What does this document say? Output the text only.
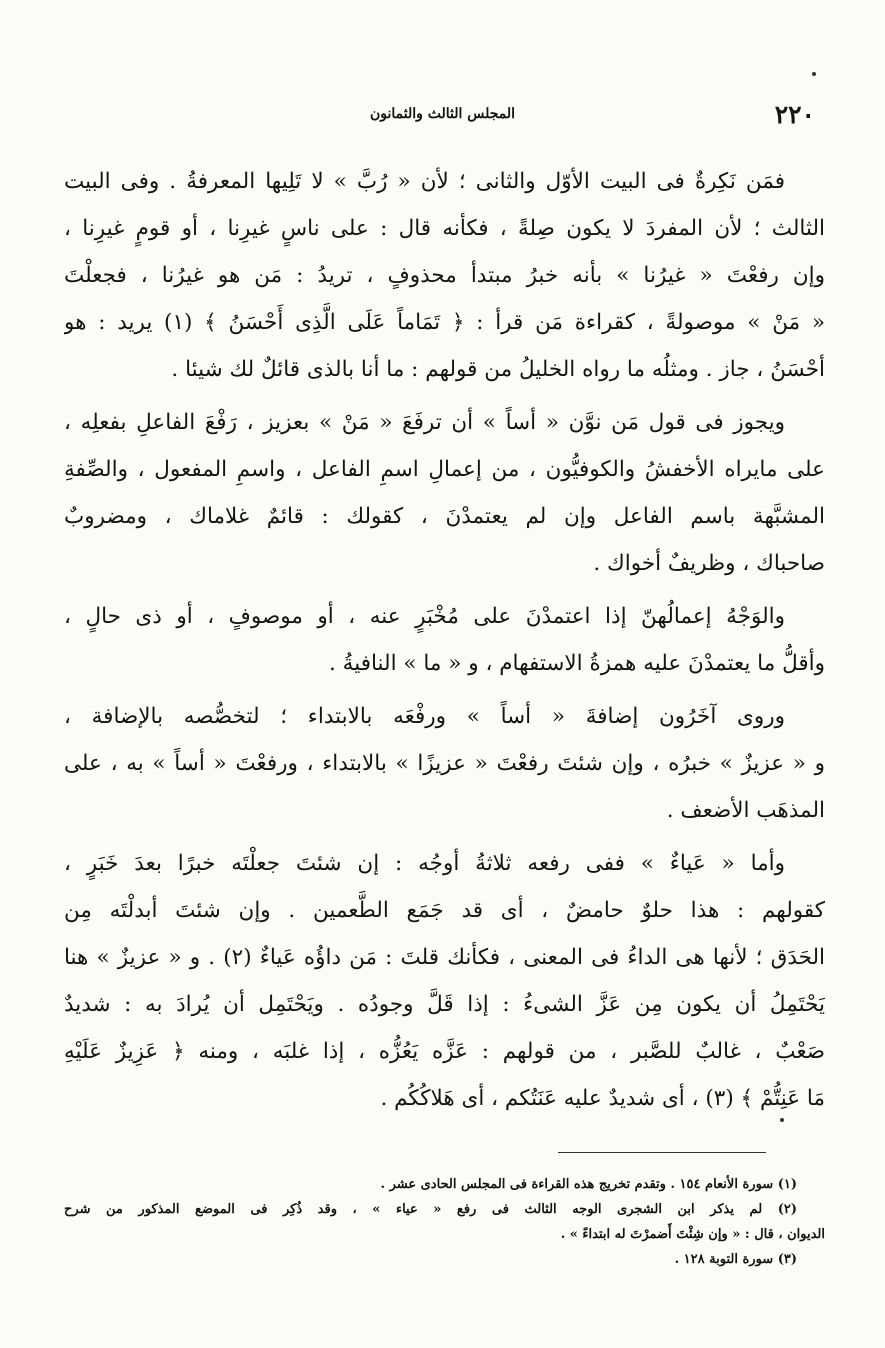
٢٢٠
المجلس الثالث والثمانون
فمَن نَكِرةٌ فى البيت الأوّل والثانى ؛ لأن « رُبَّ » لا تَلِيها المعرفةُ . وفى البيت
الثالث ؛ لأن المفردَ لا يكون صِلةً ، فكأنه قال : على ناسٍ غيرِنا ، أو قومٍ غيرِنا ،
وإن رفعْتَ « غيرُنا » بأنه خبرُ مبتدأ محذوفٍ ، تريدُ : مَن هو غيرُنا ، فجعلْتَ
« مَنْ » موصولةً ، كقراءة مَن قرأ : ﴿ تَمَاماً عَلَى الَّذِى أَحْسَنُ ﴾ (١) يريد : هو
أحْسَنُ ، جاز . ومثلُه ما رواه الخليلُ من قولهم : ما أنا بالذى قائلٌ لك شيئا .
ويجوز فى قول مَن نوَّن « أساً » أن ترفَعَ « مَنْ » بعزيز ، رَفْعَ الفاعلِ بفعلِه ،
على مايراه الأخفشُ والكوفيُّون ، من إعمالِ اسمِ الفاعل ، واسمِ المفعول ، والصِّفةِ
المشبَّهة باسم الفاعل وإن لم يعتمدْنَ ، كقولك : قائمٌ غلاماك ، ومضروبٌ
صاحباك ، وظريفٌ أخواك .
والوَجْهُ إعمالُهنّ إذا اعتمدْنَ على مُخْبَرٍ عنه ، أو موصوفٍ ، أو ذى حالٍ ،
وأقلُّ ما يعتمدْنَ عليه همزةُ الاستفهام ، و « ما » النافيةُ .
وروى آخَرُون إضافةَ « أساً » ورفْعَه بالابتداء ؛ لتخصُّصه بالإضافة ،
و « عزيزٌ » خبرُه ، وإن شئتَ رفعْتَ « عزيزًا » بالابتداء ، ورفعْتَ « أساً » به ، على
المذهَب الأضعف .
وأما « عَياءٌ » ففى رفعه ثلاثةُ أوجُه : إن شئتَ جعلْتَه خبرًا بعدَ خَبَرٍ ،
كقولهم : هذا حلوٌ حامضٌ ، أى قد جَمَع الطَّعمين . وإن شئتَ أبدلْتَه مِن
الحَدَق ؛ لأنها هى الداءُ فى المعنى ، فكأنك قلتَ : مَن داؤُه عَياءٌ (٢) . و « عزيزٌ » هنا
يَحْتَمِلُ أن يكون مِن عَزَّ الشىءُ : إذا قَلَّ وجودُه . ويَحْتَمِل أن يُرادَ به : شديدٌ
صَعْبٌ ، غالبٌ للصَّبر ، من قولهم : عَزَّه يَعُزُّه ، إذا غلبَه ، ومنه ﴿ عَزِيزٌ عَلَيْهِ
مَا عَنِتُّمْ ﴾ (٣) ، أى شديدٌ عليه عَنَتُكم ، أى هَلاكُكُم .
(١) سورة الأنعام ١٥٤ . وتقدم تخريج هذه القراءة فى المجلس الحادى عشر .
(٢) لم يذكر ابن الشجرى الوجه الثالث فى رفع « عياء » ، وقد ذُكِر فى الموضع المذكور من شرح
الديوان ، قال : « وإن شِئْتَ أَضمرْتَ له ابتداءً » .
(٣) سورة التوبة ١٢٨ .
